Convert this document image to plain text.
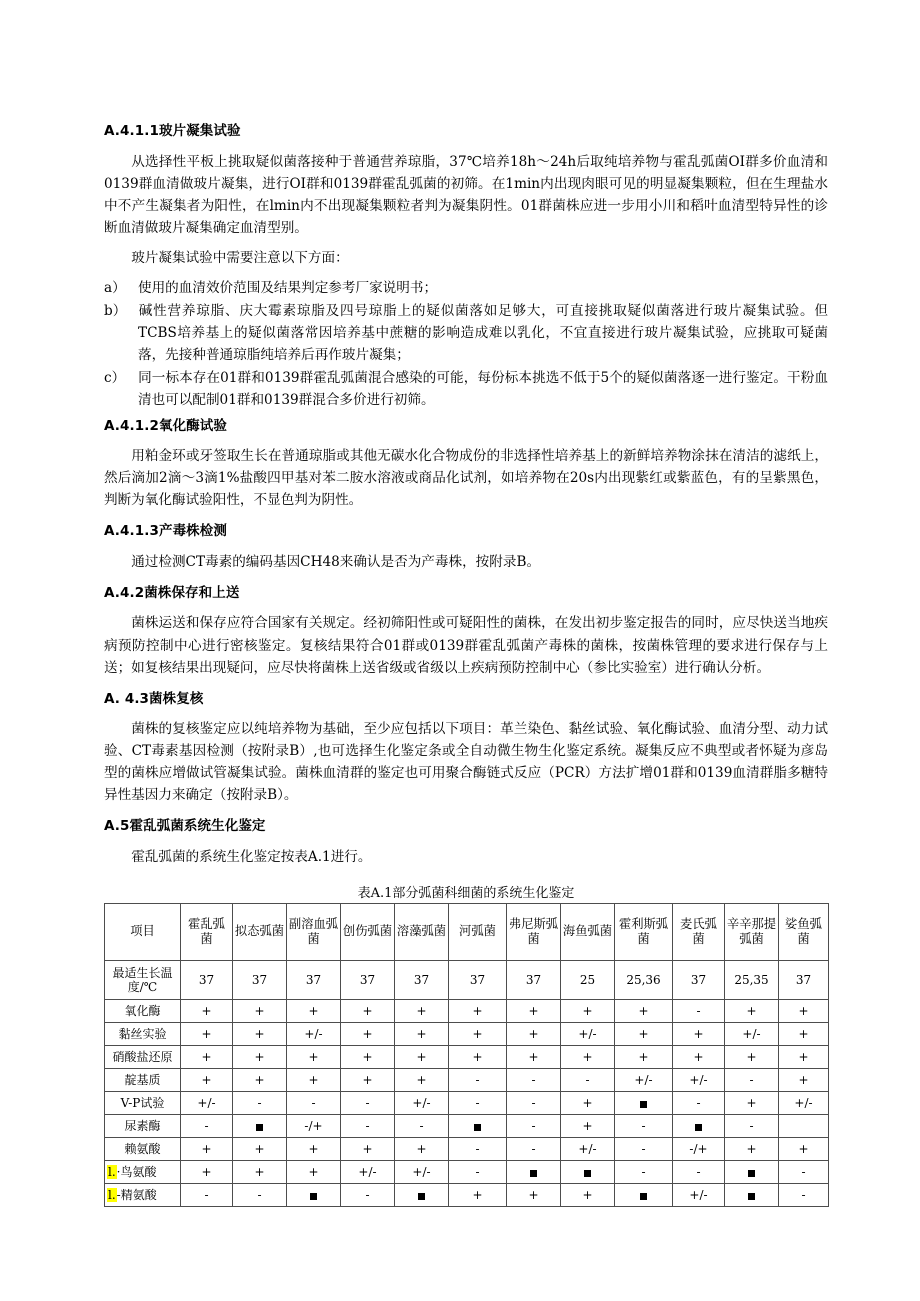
A.4.1.1玻片凝集试验

从选择性平板上挑取疑似菌落接种于普通营养琼脂，37℃培养18h～24h后取纯培养物与霍乱弧菌OI群多价血清和0139群血清做玻片凝集，进行OI群和0139群霍乱弧菌的初筛。在1min内出现肉眼可见的明显凝集颗粒，但在生理盐水中不产生凝集者为阳性，在lmin内不出现凝集颗粒者判为凝集阴性。01群菌株应进一步用小川和稻叶血清型特异性的诊断血清做玻片凝集确定血清型别。

玻片凝集试验中需要注意以下方面：

a） 使用的血清效价范围及结果判定参考厂家说明书；
b） 碱性营养琼脂、庆大霉素琼脂及四号琼脂上的疑似菌落如足够大，可直接挑取疑似菌落进行玻片凝集试验。但TCBS培养基上的疑似菌落常因培养基中蔗糖的影响造成难以乳化，不宜直接进行玻片凝集试验，应挑取可疑菌落，先接种普通琼脂纯培养后再作玻片凝集；
c） 同一标本存在01群和0139群霍乱弧菌混合感染的可能，每份标本挑选不低于5个的疑似菌落逐一进行鉴定。干粉血清也可以配制01群和0139群混合多价进行初筛。
A.4.1.2氧化酶试验

用粕金环或牙签取生长在普通琼脂或其他无碳水化合物成份的非选择性培养基上的新鲜培养物涂抹在清洁的滤纸上，然后滴加2滴～3滴1%盐酸四甲基对苯二胺水溶液或商品化试剂，如培养物在20s内出现紫红或紫蓝色，有的呈紫黑色，判断为氧化酶试验阳性，不显色判为阴性。

A.4.1.3产毒株检测

通过检测CT毒素的编码基因CH48来确认是否为产毒株，按附录B。

A.4.2菌株保存和上送

菌株运送和保存应符合国家有关规定。经初筛阳性或可疑阳性的菌株，在发出初步鉴定报告的同时，应尽快送当地疾病预防控制中心进行密核鉴定。复核结果符合01群或0139群霍乱弧菌产毒株的菌株，按菌株管理的要求进行保存与上送；如复核结果出现疑问，应尽快将菌株上送省级或省级以上疾病预防控制中心（参比实验室）进行确认分析。

A. 4.3菌株复核

菌株的复核鉴定应以纯培养物为基础，至少应包括以下项目：革兰染色、黏丝试验、氧化酶试验、血清分型、动力试验、CT毒素基因检测（按附录B）,也可选择生化鉴定条或全自动微生物生化鉴定系统。凝集反应不典型或者怀疑为彦岛型的菌株应增做试管凝集试验。菌株血清群的鉴定也可用聚合酶链式反应（PCR）方法扩增01群和0139血清群脂多糖特异性基因力来确定（按附录B）。

A.5霍乱弧菌系统生化鉴定

霍乱弧菌的系统生化鉴定按表A.1进行。

表A.1部分弧菌科细菌的系统生化鉴定
项目	霍乱弧菌	拟态弧菌	副溶血弧菌	创伤弧菌	溶藻弧菌	河弧菌	弗尼斯弧菌	海鱼弧菌	霍利斯弧菌	麦氏弧菌	辛辛那提弧菌	娑鱼弧菌
最适生长温度/℃	37	37	37	37	37	37	37	25	25,36	37	25,35	37
氧化酶	+	+	+	+	+	+	+	+	+	-	+	+
黏丝实验	+	+	+/-	+	+	+	+	+/-	+	+	+/-	+
硝酸盐还原	+	+	+	+	+	+	+	+	+	+	+	+
靛基质	+	+	+	+	+	-	-	-	+/-	+/-	-	+
V-P试验	+/-	-	-	-	+/-	-	-	+		-	+	+/-
尿素酶	-		-/+	-	-		-	+	-		-	
赖氨酸	+	+	+	+	+	-	-	+/-	-	-/+	+	+
l.·鸟氨酸	+	+	+	+/-	+/-	-			-	-		-
l.-精氨酸	-	-		-		+	+	+		+/-		-
